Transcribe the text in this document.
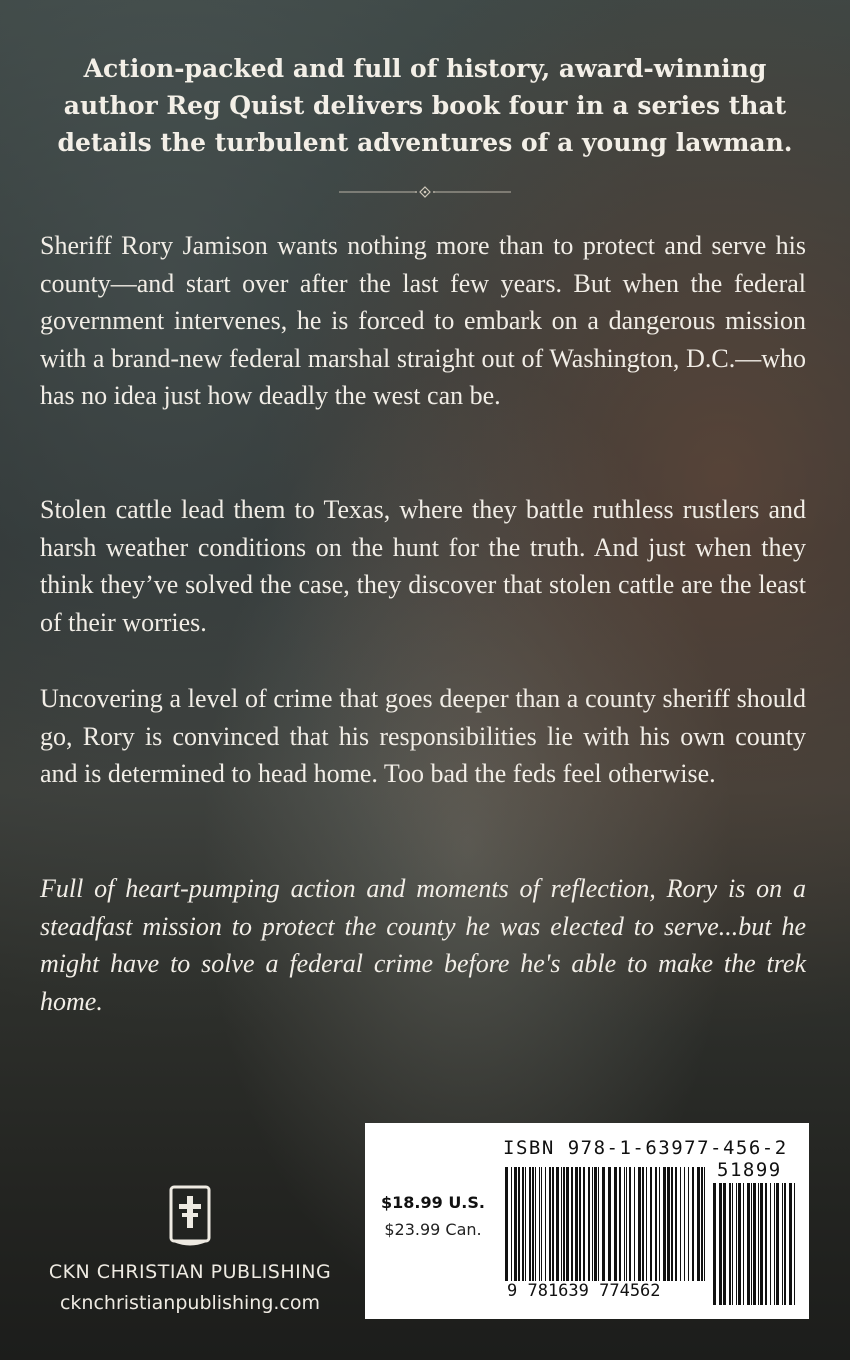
Action-packed and full of history, award-winning author Reg Quist delivers book four in a series that details the turbulent adventures of a young lawman.

Sheriff Rory Jamison wants nothing more than to protect and serve his county—and start over after the last few years. But when the federal government intervenes, he is forced to embark on a dangerous mission with a brand-new federal marshal straight out of Washington, D.C.—who has no idea just how deadly the west can be.

Stolen cattle lead them to Texas, where they battle ruthless rustlers and harsh weather conditions on the hunt for the truth. And just when they think they’ve solved the case, they discover that stolen cattle are the least of their worries.

Uncovering a level of crime that goes deeper than a county sheriff should go, Rory is convinced that his responsibilities lie with his own county and is determined to head home. Too bad the feds feel otherwise.

Full of heart-pumping action and moments of reflection, Rory is on a steadfast mission to protect the county he was elected to serve...but he might have to solve a federal crime before he's able to make the trek home.

CKN CHRISTIAN PUBLISHING
cknchristianpublishing.com
$18.99 U.S.
$23.99 Can.
ISBN 978-1-63977-456-2
51899
9 781639 774562
